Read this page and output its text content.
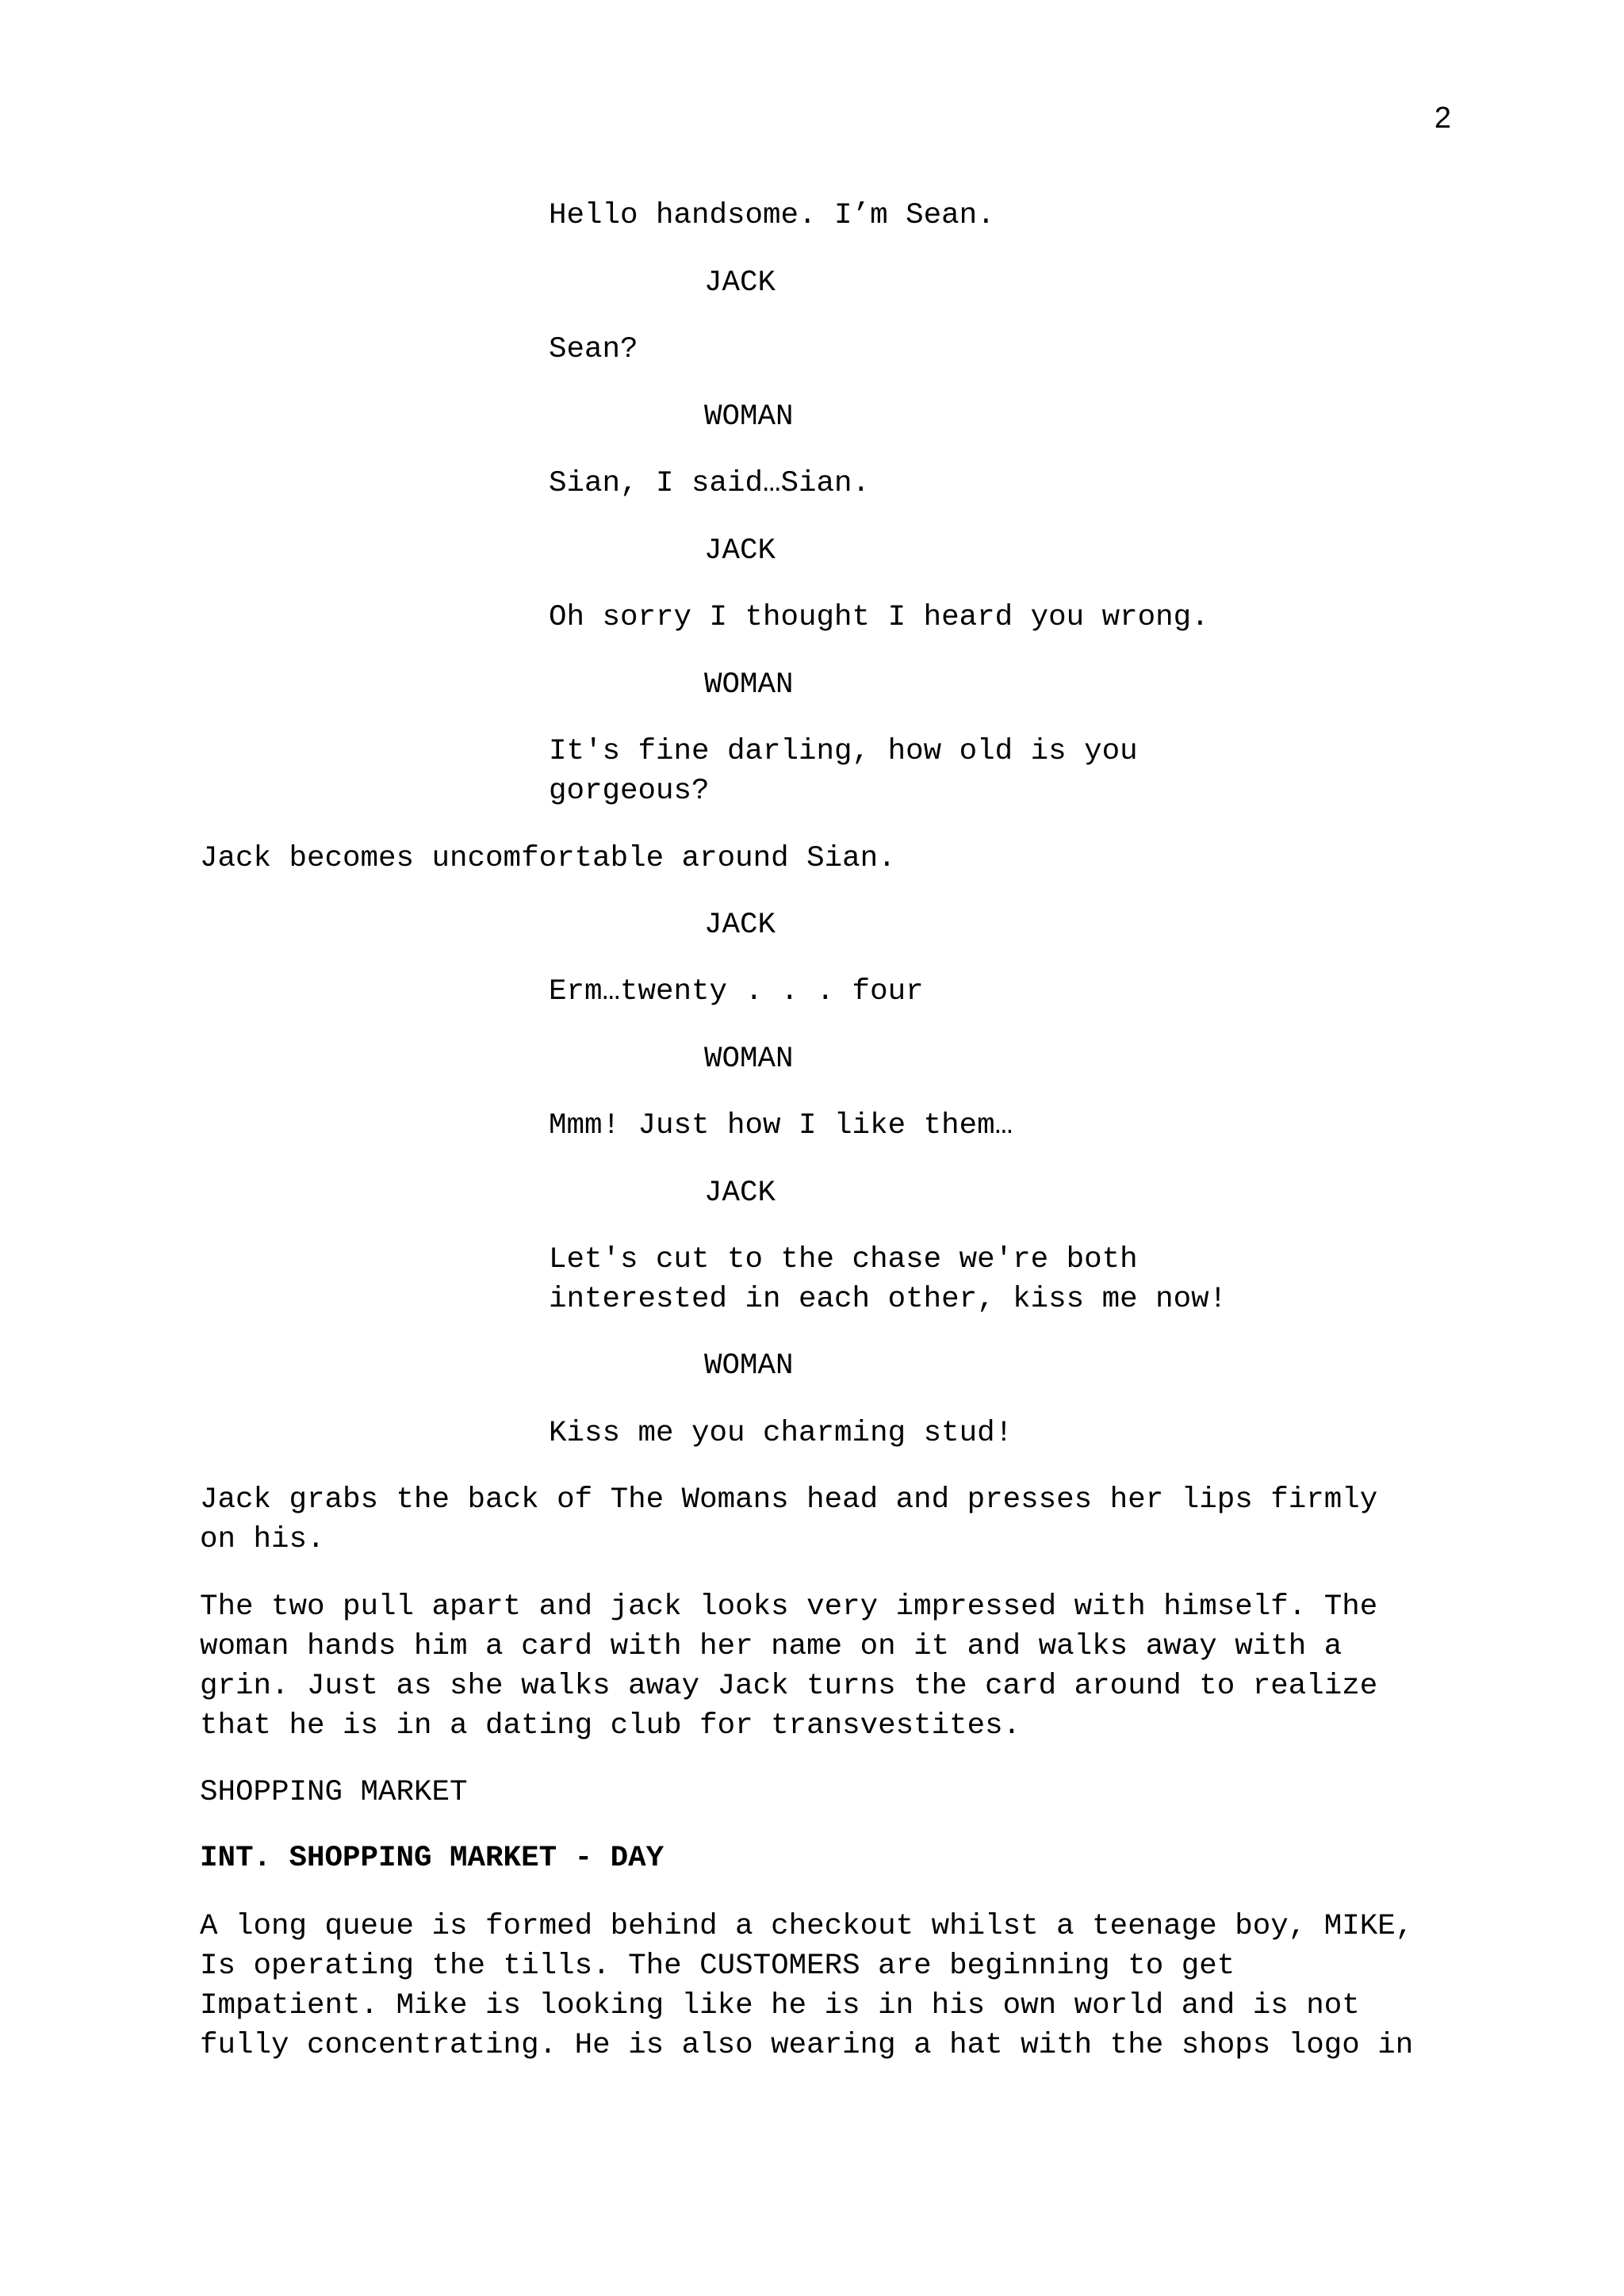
2

Hello handsome. I’m Sean.

JACK

Sean?

WOMAN

Sian, I said…Sian.

JACK

Oh sorry I thought I heard you wrong.

WOMAN

It's fine darling, how old is you
gorgeous?

Jack becomes uncomfortable around Sian.

JACK

Erm…twenty . . . four

WOMAN

Mmm! Just how I like them…

JACK

Let's cut to the chase we're both
interested in each other, kiss me now!

WOMAN

Kiss me you charming stud!

Jack grabs the back of The Womans head and presses her lips firmly
on his.

The two pull apart and jack looks very impressed with himself. The
woman hands him a card with her name on it and walks away with a
grin. Just as she walks away Jack turns the card around to realize
that he is in a dating club for transvestites.

SHOPPING MARKET

INT. SHOPPING MARKET - DAY

A long queue is formed behind a checkout whilst a teenage boy, MIKE,
Is operating the tills. The CUSTOMERS are beginning to get
Impatient. Mike is looking like he is in his own world and is not
fully concentrating. He is also wearing a hat with the shops logo in
